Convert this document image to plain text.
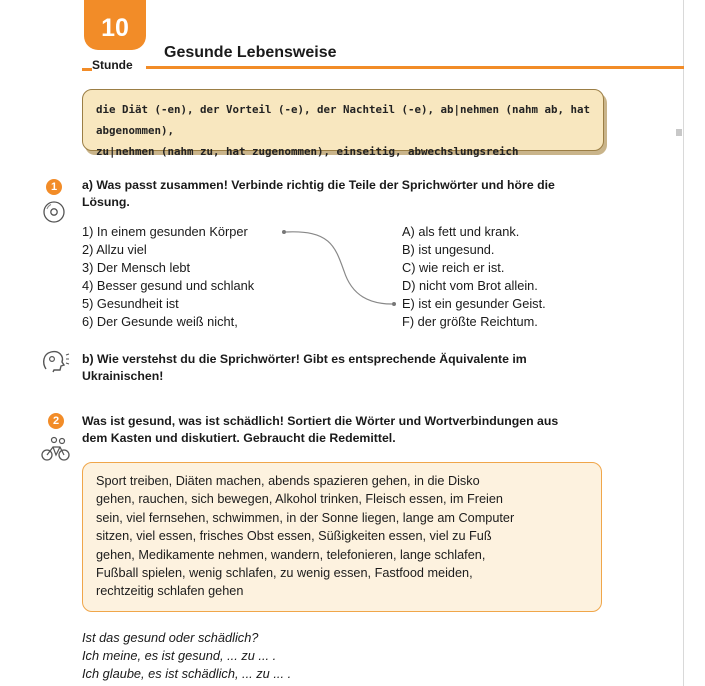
10
Stunde
Gesunde Lebensweise
die Diät (-en), der Vorteil (-e), der Nachteil (-e), ab|nehmen (nahm ab, hat abgenommen),
zu|nehmen (nahm zu, hat zugenommen), einseitig, abwechslungsreich
1	a) Was passt zusammen! Verbinde richtig die Teile der Sprichwörter und höre die
Lösung.
1) In einem gesunden Körper
2) Allzu viel
3) Der Mensch lebt
4) Besser gesund und schlank
5) Gesundheit ist
6) Der Gesunde weiß nicht,
A) als fett und krank.
B) ist ungesund.
C) wie reich er ist.
D) nicht vom Brot allein.
E) ist ein gesunder Geist.
F) der größte Reichtum.
b) Wie verstehst du die Sprichwörter! Gibt es entsprechende Äquivalente im
Ukrainischen!
2	Was ist gesund, was ist schädlich! Sortiert die Wörter und Wortverbindungen aus
dem Kasten und diskutiert. Gebraucht die Redemittel.
Sport treiben, Diäten machen, abends spazieren gehen, in die Disko
gehen, rauchen, sich bewegen, Alkohol trinken, Fleisch essen, im Freien
sein, viel fernsehen, schwimmen, in der Sonne liegen, lange am Computer
sitzen, viel essen, frisches Obst essen, Süßigkeiten essen, viel zu Fuß
gehen, Medikamente nehmen, wandern, telefonieren, lange schlafen,
Fußball spielen, wenig schlafen, zu wenig essen, Fastfood meiden,
rechtzeitig schlafen gehen
Ist das gesund oder schädlich?
Ich meine, es ist gesund, ... zu ... .
Ich glaube, es ist schädlich, ... zu ... .
